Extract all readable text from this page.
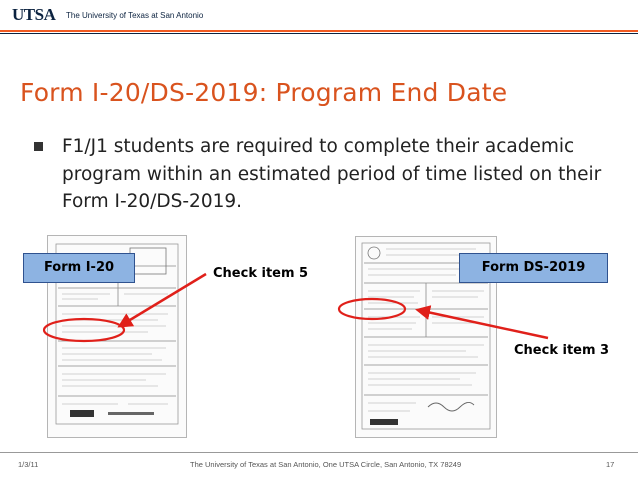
UTSA The University of Texas at San Antonio
Form I-20/DS-2019: Program End Date
F1/J1 students are required to complete their academic program within an estimated period of time listed on their Form I-20/DS-2019.
Form I-20	Form DS-2019
Check item 5
Check item 3
1/3/11	The University of Texas at San Antonio, One UTSA Circle, San Antonio, TX 78249	17
